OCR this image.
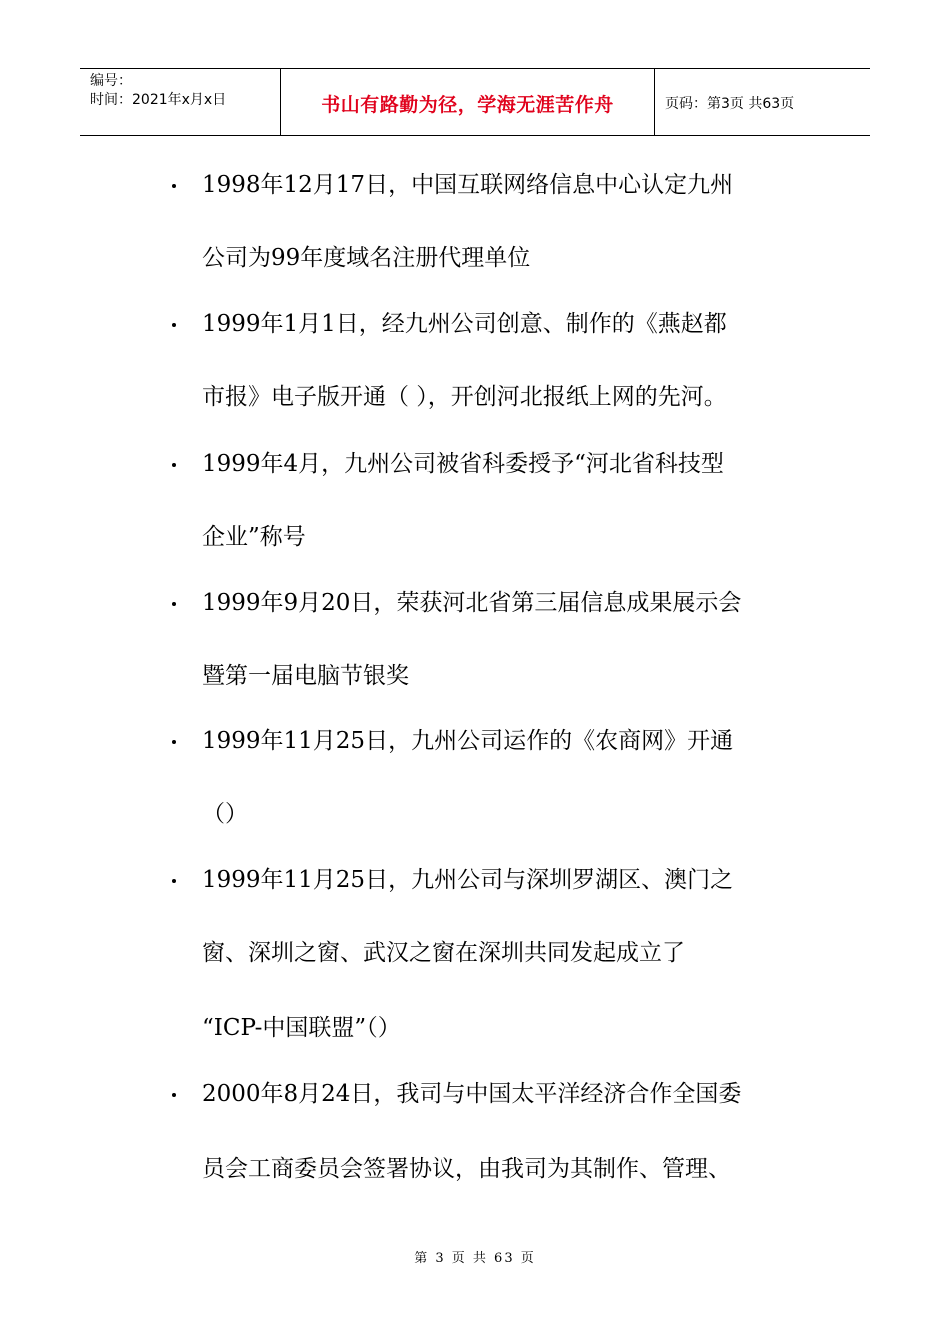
编号：
时间：2021年x月x日	书山有路勤为径，学海无涯苦作舟	页码：第3页 共63页
1998年12月17日，中国互联网络信息中心认定九州
公司为99年度域名注册代理单位
1999年1月1日，经九州公司创意、制作的《燕赵都
市报》电子版开通（ ），开创河北报纸上网的先河。
1999年4月，九州公司被省科委授予“河北省科技型
企业”称号
1999年9月20日，荣获河北省第三届信息成果展示会
暨第一届电脑节银奖
1999年11月25日，九州公司运作的《农商网》开通
（）
1999年11月25日，九州公司与深圳罗湖区、澳门之
窗、深圳之窗、武汉之窗在深圳共同发起成立了
“ICP-中国联盟”（）
2000年8月24日，我司与中国太平洋经济合作全国委
员会工商委员会签署协议，由我司为其制作、管理、
第 3 页 共 63 页
